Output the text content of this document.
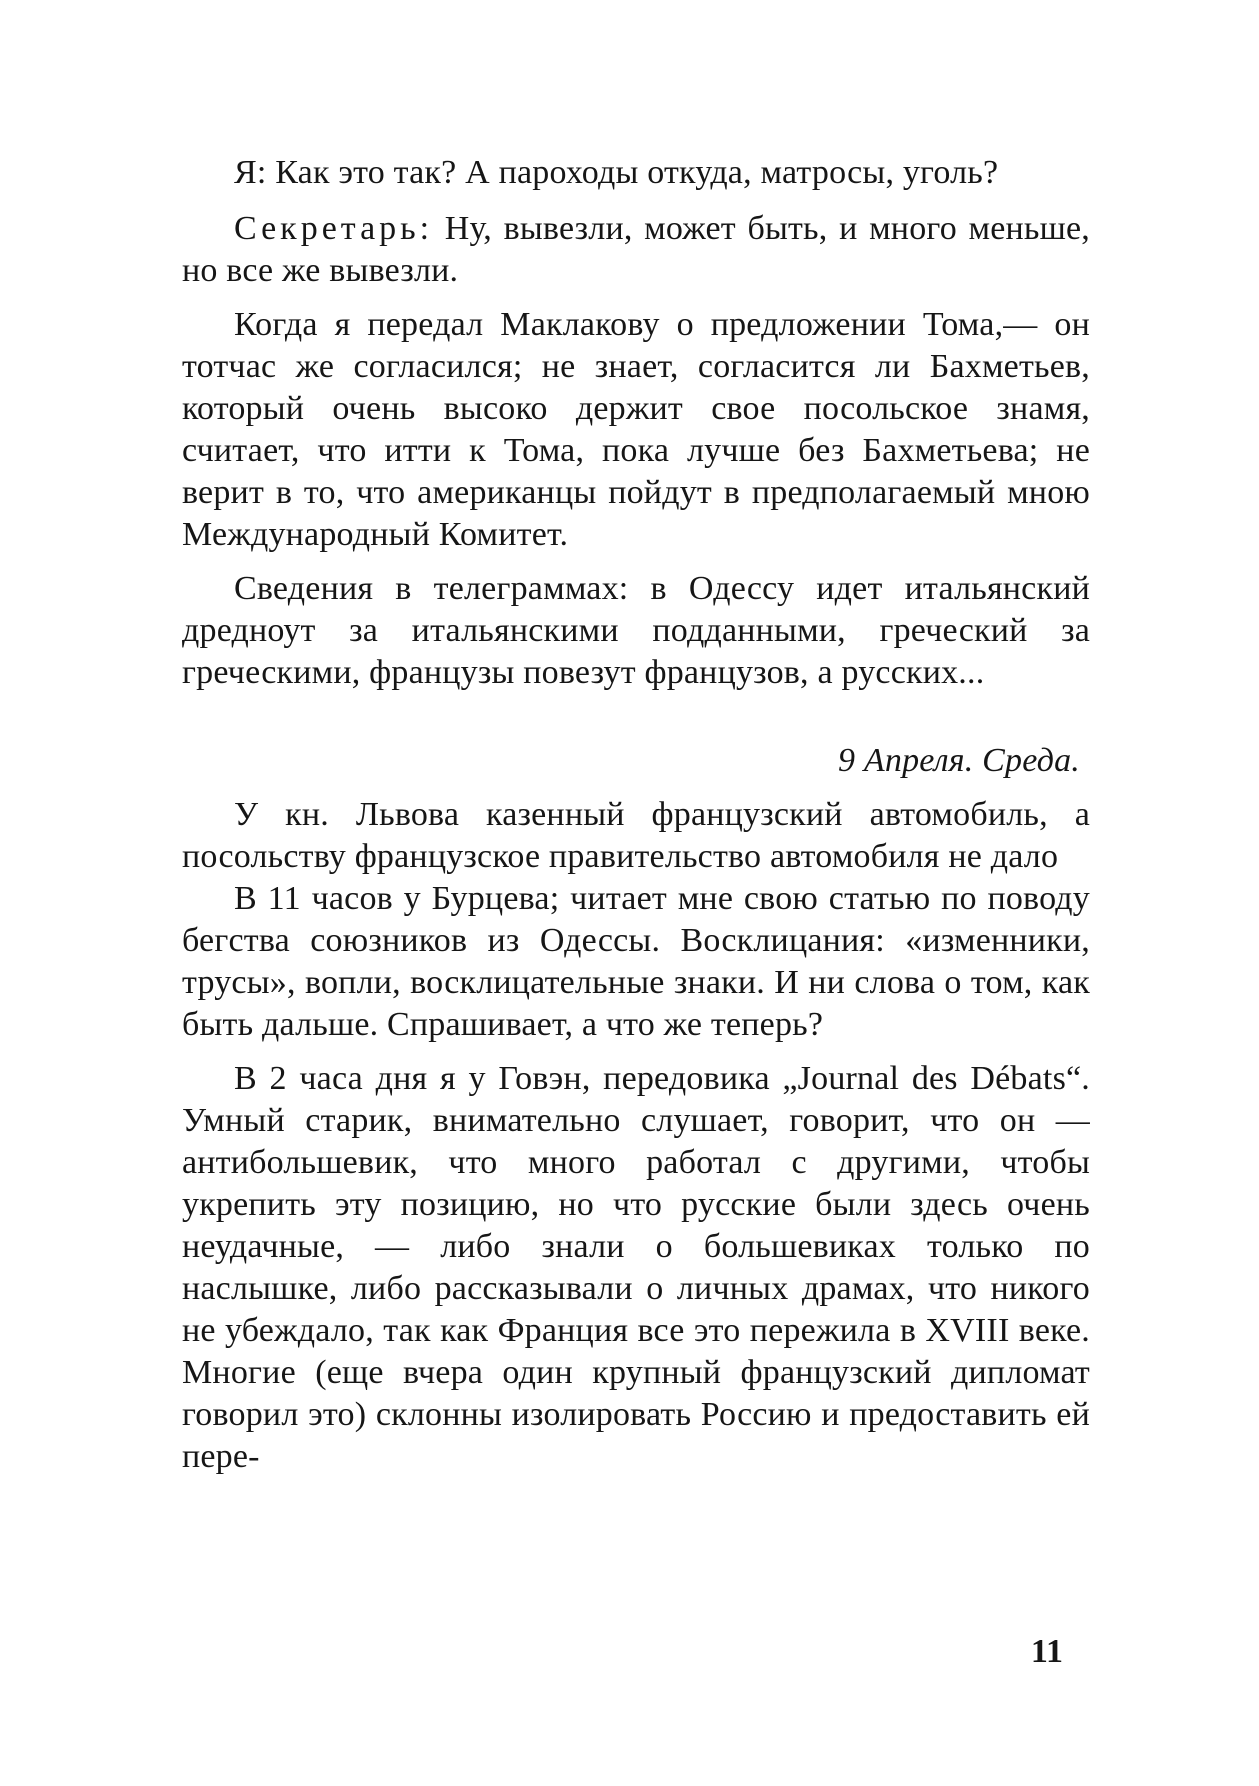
Я: Как это так? А пароходы откуда, матросы, уголь?

Секретарь: Ну, вывезли, может быть, и много меньше, но все же вывезли.

Когда я передал Маклакову о предложении Тома,— он тотчас же согласился; не знает, согласится ли Бахметьев, который очень высоко держит свое посольское знамя, считает, что итти к Тома, пока лучше без Бахметьева; не верит в то, что американцы пойдут в предполагаемый мною Международный Комитет.

Сведения в телеграммах: в Одессу идет итальянский дредноут за итальянскими подданными, греческий за греческими, французы повезут французов, а русских...

9 Апреля. Среда.

У кн. Львова казенный французский автомобиль, а посольству французское правительство автомобиля не дало

В 11 часов у Бурцева; читает мне свою статью по поводу бегства союзников из Одессы. Восклицания: «изменники, трусы», вопли, восклицательные знаки. И ни слова о том, как быть дальше. Спрашивает, а что же теперь?

В 2 часа дня я у Говэн, передовика „Journal des Débats“. Умный старик, внимательно слушает, говорит, что он — антибольшевик, что много работал с другими, чтобы укрепить эту позицию, но что русские были здесь очень неудачные, — либо знали о большевиках только по наслышке, либо рассказывали о личных драмах, что никого не убеждало, так как Франция все это пережила в XVIII веке. Многие (еще вчера один крупный французский дипломат говорил это) склонны изолировать Россию и предоставить ей пере-

11
